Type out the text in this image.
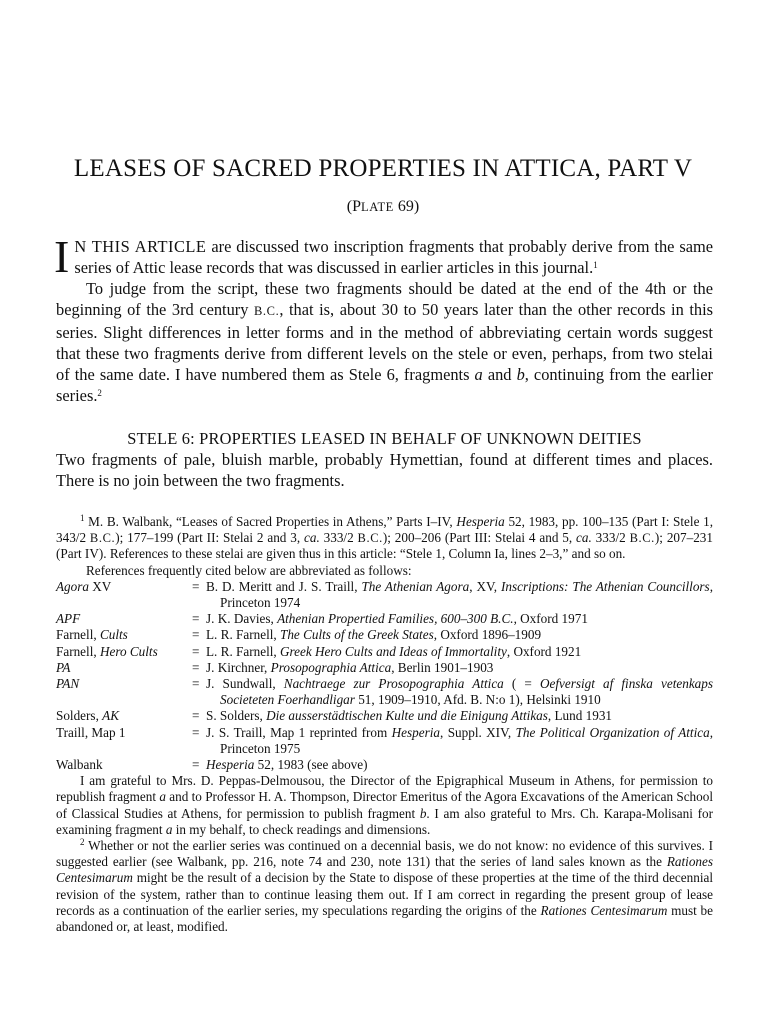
LEASES OF SACRED PROPERTIES IN ATTICA, PART V
(PLATE 69)

I N THIS ARTICLE are discussed two inscription fragments that probably derive from the same series of Attic lease records that was discussed in earlier articles in this journal.$^1$

To judge from the script, these two fragments should be dated at the end of the 4th or the beginning of the 3rd century B.C., that is, about 30 to 50 years later than the other records in this series. Slight differences in letter forms and in the method of abbreviating certain words suggest that these two fragments derive from different levels on the stele or even, perhaps, from two stelai of the same date. I have numbered them as Stele 6, fragments a and b, continuing from the earlier series.$^2$

STELE 6: PROPERTIES LEASED IN BEHALF OF UNKNOWN DEITIES

Two fragments of pale, bluish marble, probably Hymettian, found at different times and places. There is no join between the two fragments.

$^1$ M. B. Walbank, “Leases of Sacred Properties in Athens,” Parts I–IV, Hesperia 52, 1983, pp. 100–135 (Part I: Stele 1, 343/2 B.C.); 177–199 (Part II: Stelai 2 and 3, ca. 333/2 B.C.); 200–206 (Part III: Stelai 4 and 5, ca. 333/2 B.C.); 207–231 (Part IV). References to these stelai are given thus in this article: “Stele 1, Column Ia, lines 2–3,” and so on.

References frequently cited below are abbreviated as follows:
Agora XV	=	B. D. Meritt and J. S. Traill, The Athenian Agora, XV, Inscriptions: The Athenian Councillors, Princeton 1974

APF	=	J. K. Davies, Athenian Propertied Families, 600–300 B.C., Oxford 1971

Farnell, Cults	=	L. R. Farnell, The Cults of the Greek States, Oxford 1896–1909

Farnell, Hero Cults	=	L. R. Farnell, Greek Hero Cults and Ideas of Immortality, Oxford 1921

PA	=	J. Kirchner, Prosopographia Attica, Berlin 1901–1903

PAN	=	J. Sundwall, Nachtraege zur Prosopographia Attica ( = Oefversigt af finska vetenkaps Societeten Foerhandligar 51, 1909–1910, Afd. B. N:o 1), Helsinki 1910

Solders, AK	=	S. Solders, Die ausserstädtischen Kulte und die Einigung Attikas, Lund 1931

Traill, Map 1	=	J. S. Traill, Map 1 reprinted from Hesperia, Suppl. XIV, The Political Organization of Attica, Princeton 1975

Walbank	=	Hesperia 52, 1983 (see above)

I am grateful to Mrs. D. Peppas-Delmousou, the Director of the Epigraphical Museum in Athens, for permission to republish fragment a and to Professor H. A. Thompson, Director Emeritus of the Agora Excavations of the American School of Classical Studies at Athens, for permission to publish fragment b. I am also grateful to Mrs. Ch. Karapa-Molisani for examining fragment a in my behalf, to check readings and dimensions.

$^2$ Whether or not the earlier series was continued on a decennial basis, we do not know: no evidence of this survives. I suggested earlier (see Walbank, pp. 216, note 74 and 230, note 131) that the series of land sales known as the Rationes Centesimarum might be the result of a decision by the State to dispose of these properties at the time of the third decennial revision of the system, rather than to continue leasing them out. If I am correct in regarding the present group of lease records as a continuation of the earlier series, my speculations regarding the origins of the Rationes Centesimarum must be abandoned or, at least, modified.
